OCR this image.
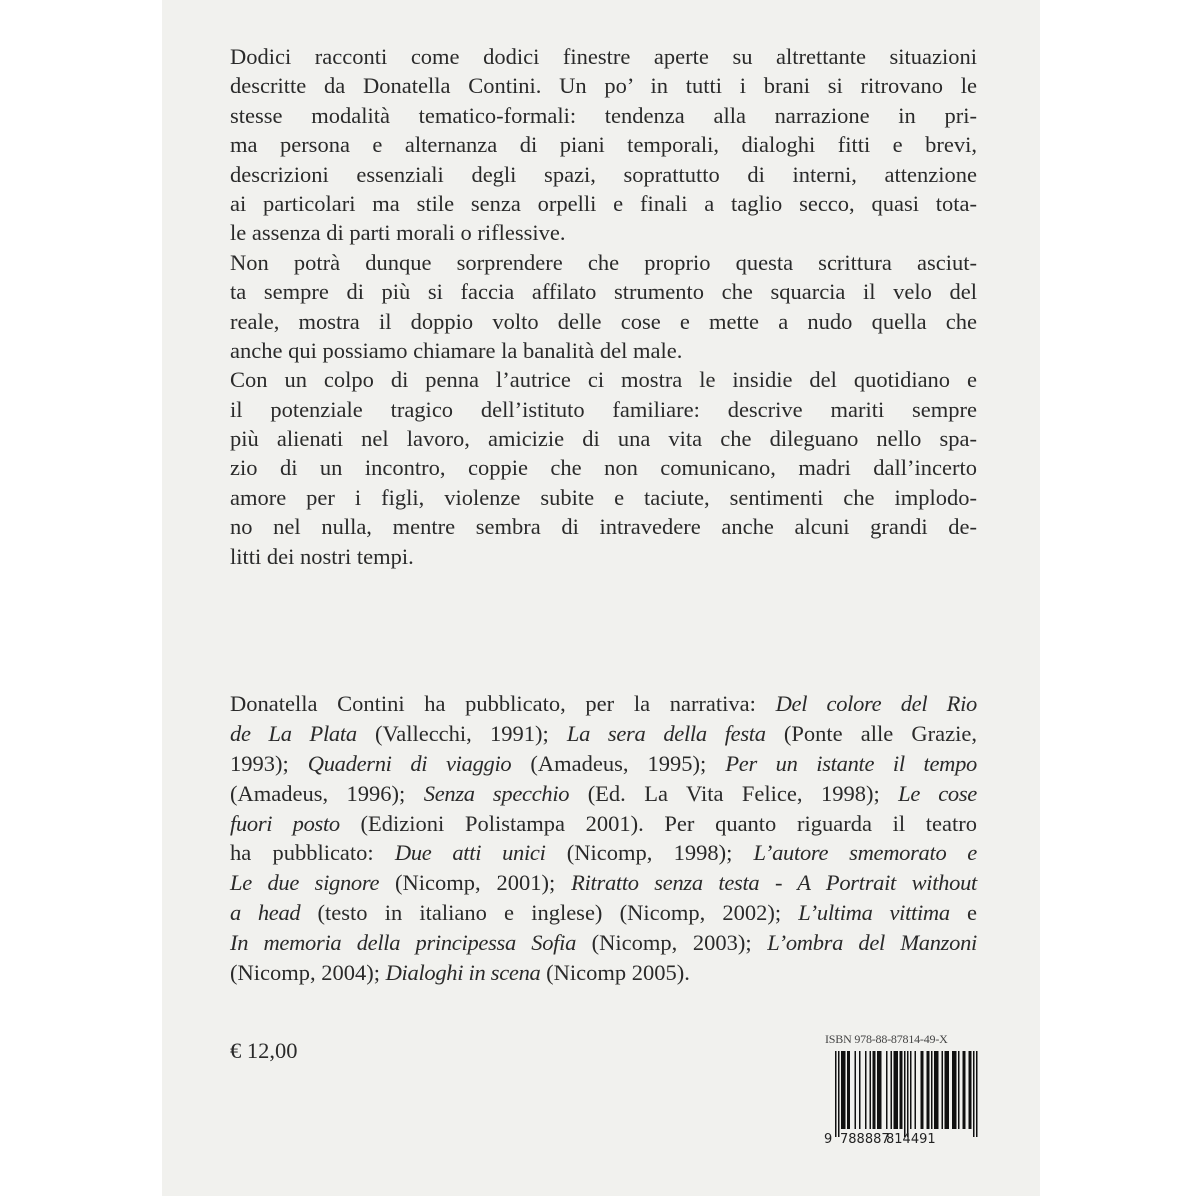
Dodici racconti come dodici finestre aperte su altrettante situazioni
descritte da Donatella Contini. Un po’ in tutti i brani si ritrovano le
stesse modalità tematico-formali: tendenza alla narrazione in pri-
ma persona e alternanza di piani temporali, dialoghi fitti e brevi,
descrizioni essenziali degli spazi, soprattutto di interni, attenzione
ai particolari ma stile senza orpelli e finali a taglio secco, quasi tota-
le assenza di parti morali o riflessive.
Non potrà dunque sorprendere che proprio questa scrittura asciut-
ta sempre di più si faccia affilato strumento che squarcia il velo del
reale, mostra il doppio volto delle cose e mette a nudo quella che
anche qui possiamo chiamare la banalità del male.
Con un colpo di penna l’autrice ci mostra le insidie del quotidiano e
il potenziale tragico dell’istituto familiare: descrive mariti sempre
più alienati nel lavoro, amicizie di una vita che dileguano nello spa-
zio di un incontro, coppie che non comunicano, madri dall’incerto
amore per i figli, violenze subite e taciute, sentimenti che implodo-
no nel nulla, mentre sembra di intravedere anche alcuni grandi de-
litti dei nostri tempi.
Donatella Contini ha pubblicato, per la narrativa: Del colore del Rio
de La Plata (Vallecchi, 1991); La sera della festa (Ponte alle Grazie,
1993); Quaderni di viaggio (Amadeus, 1995); Per un istante il tempo
(Amadeus, 1996); Senza specchio (Ed. La Vita Felice, 1998); Le cose
fuori posto (Edizioni Polistampa 2001). Per quanto riguarda il teatro
ha pubblicato: Due atti unici (Nicomp, 1998); L’autore smemorato e
Le due signore (Nicomp, 2001); Ritratto senza testa - A Portrait without
a head (testo in italiano e inglese) (Nicomp, 2002); L’ultima vittima e
In memoria della principessa Sofia (Nicomp, 2003); L’ombra del Manzoni
(Nicomp, 2004); Dialoghi in scena (Nicomp 2005).
€ 12,00	ISBN 978-88-87814-49-X
9 788887
814491
